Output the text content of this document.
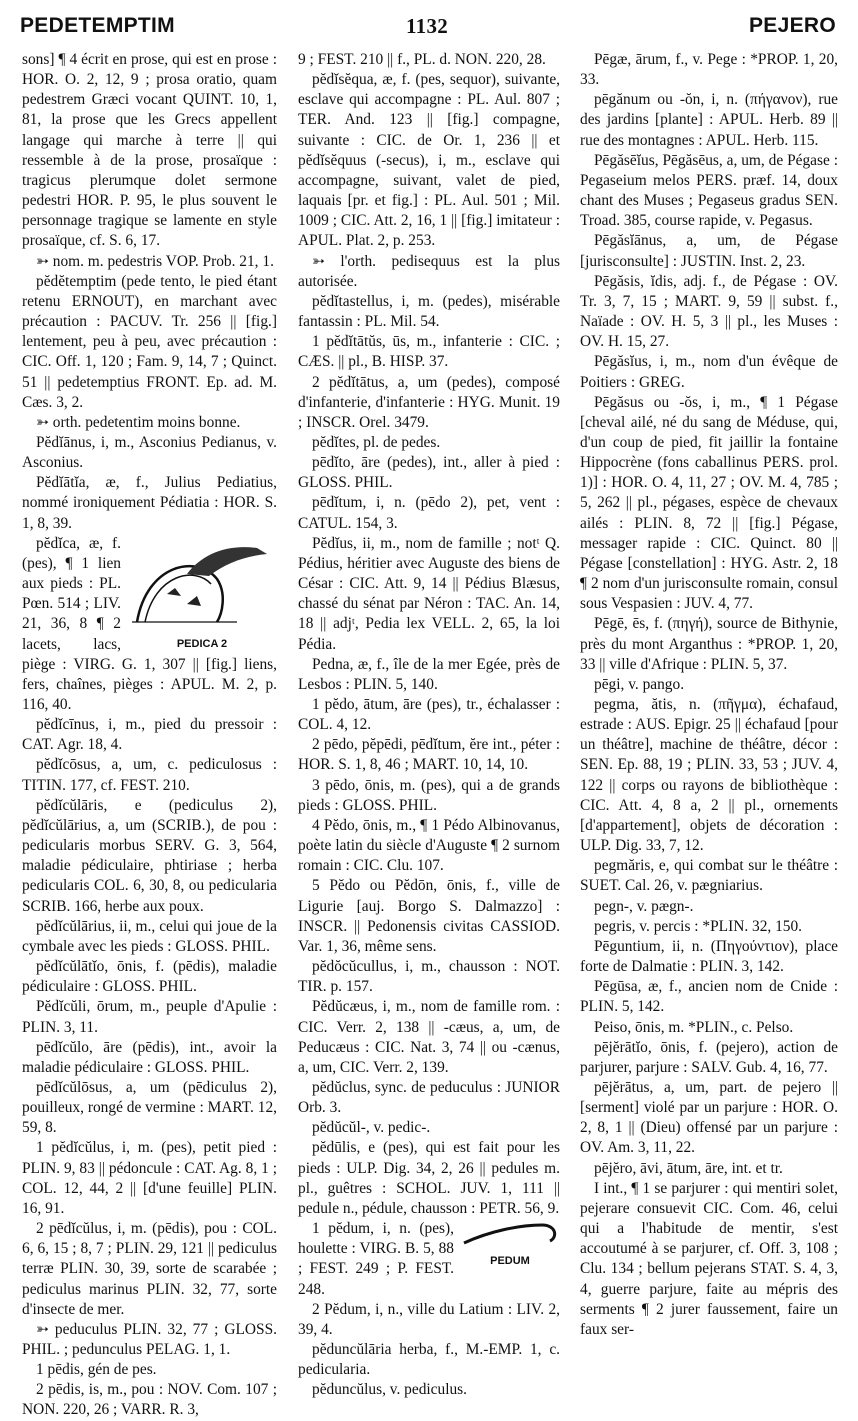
PEDETEMPTIM	1132	PEJERO

sons] ¶ 4 écrit en prose, qui est en prose : HOR. O. 2, 12, 9 ; prosa oratio, quam pedestrem Græci vocant QUINT. 10, 1, 81, la prose que les Grecs appellent langage qui marche à terre || qui ressemble à de la prose, prosaïque : tragicus plerumque dolet sermone pedestri HOR. P. 95, le plus souvent le personnage tragique se lamente en style prosaïque, cf. S. 6, 17.

➳ nom. m. pedestris VOP. Prob. 21, 1.

pĕdĕtemptim (pede tento, le pied étant retenu ERNOUT), en marchant avec précaution : PACUV. Tr. 256 || [fig.] lentement, peu à peu, avec précaution : CIC. Off. 1, 120 ; Fam. 9, 14, 7 ; Quinct. 51 || pedetemptius FRONT. Ep. ad. M. Cæs. 3, 2.

➳ orth. pedetentim moins bonne.

Pĕdĭānus, i, m., Asconius Pedianus, v. Asconius.

Pĕdĭātĭa, æ, f., Julius Pediatius, nommé ironiquement Pédiatia : HOR. S. 1, 8, 39.

PEDICA 2

pĕdĭca, æ, f. (pes), ¶ 1 lien aux pieds : PL. Pœn. 514 ; LIV. 21, 36, 8 ¶ 2 lacets, lacs, piège : VIRG. G. 1, 307 || [fig.] liens, fers, chaînes, pièges : APUL. M. 2, p. 116, 40.

pĕdĭcīnus, i, m., pied du pressoir : CAT. Agr. 18, 4.

pĕdĭcōsus, a, um, c. pediculosus : TITIN. 177, cf. FEST. 210.

pĕdĭcŭlāris, e (pediculus 2), pĕdĭcŭlārius, a, um (SCRIB.), de pou : pedicularis morbus SERV. G. 3, 564, maladie pédiculaire, phtiriase ; herba pedicularis COL. 6, 30, 8, ou pedicularia SCRIB. 166, herbe aux poux.

pĕdĭcŭlārius, ii, m., celui qui joue de la cymbale avec les pieds : GLOSS. PHIL.

pĕdĭcŭlātĭo, ōnis, f. (pēdis), maladie pédiculaire : GLOSS. PHIL.

Pĕdĭcŭli, ōrum, m., peuple d'Apulie : PLIN. 3, 11.

pēdĭcŭlo, āre (pēdis), int., avoir la maladie pédiculaire : GLOSS. PHIL.

pēdĭcŭlōsus, a, um (pēdiculus 2), pouilleux, rongé de vermine : MART. 12, 59, 8.

1 pĕdĭcŭlus, i, m. (pes), petit pied : PLIN. 9, 83 || pédoncule : CAT. Ag. 8, 1 ; COL. 12, 44, 2 || [d'une feuille] PLIN. 16, 91.

2 pēdĭcŭlus, i, m. (pēdis), pou : COL. 6, 6, 15 ; 8, 7 ; PLIN. 29, 121 || pediculus terræ PLIN. 30, 39, sorte de scarabée ; pediculus marinus PLIN. 32, 77, sorte d'insecte de mer.

➳ peduculus PLIN. 32, 77 ; GLOSS. PHIL. ; pedunculus PELAG. 1, 1.

1 pēdis, gén de pes.

2 pēdis, is, m., pou : NOV. Com. 107 ; NON. 220, 26 ; VARR. R. 3,

9 ; FEST. 210 || f., PL. d. NON. 220, 28.

pĕdĭsĕqua, æ, f. (pes, sequor), suivante, esclave qui accompagne : PL. Aul. 807 ; TER. And. 123 || [fig.] compagne, suivante : CIC. de Or. 1, 236 || et pĕdĭsĕquus (-secus), i, m., esclave qui accompagne, suivant, valet de pied, laquais [pr. et fig.] : PL. Aul. 501 ; Mil. 1009 ; CIC. Att. 2, 16, 1 || [fig.] imitateur : APUL. Plat. 2, p. 253.

➳ l'orth. pedisequus est la plus autorisée.

pĕdĭtastellus, i, m. (pedes), misérable fantassin : PL. Mil. 54.

1 pĕdĭtātŭs, ūs, m., infanterie : CIC. ; CÆS. || pl., B. HISP. 37.

2 pĕdĭtātus, a, um (pedes), composé d'infanterie, d'infanterie : HYG. Munit. 19 ; INSCR. Orel. 3479.

pĕdĭtes, pl. de pedes.

pēdĭto, āre (pedes), int., aller à pied : GLOSS. PHIL.

pēdĭtum, i, n. (pēdo 2), pet, vent : CATUL. 154, 3.

Pĕdĭus, ii, m., nom de famille ; notᵗ Q. Pédius, héritier avec Auguste des biens de César : CIC. Att. 9, 14 || Pédius Blæsus, chassé du sénat par Néron : TAC. An. 14, 18 || adjᵗ, Pedia lex VELL. 2, 65, la loi Pédia.

Pedna, æ, f., île de la mer Egée, près de Lesbos : PLIN. 5, 140.

1 pĕdo, ātum, āre (pes), tr., échalasser : COL. 4, 12.

2 pēdo, pĕpēdi, pēdĭtum, ĕre int., péter : HOR. S. 1, 8, 46 ; MART. 10, 14, 10.

3 pēdo, ōnis, m. (pes), qui a de grands pieds : GLOSS. PHIL.

4 Pĕdo, ōnis, m., ¶ 1 Pédo Albinovanus, poète latin du siècle d'Auguste ¶ 2 surnom romain : CIC. Clu. 107.

5 Pĕdo ou Pĕdōn, ōnis, f., ville de Ligurie [auj. Borgo S. Dalmazzo] : INSCR. || Pedonensis civitas CASSIOD. Var. 1, 36, même sens.

pĕdŏcŭcullus, i, m., chausson : NOT. TIR. p. 157.

Pĕdŭcæus, i, m., nom de famille rom. : CIC. Verr. 2, 138 || -cæus, a, um, de Peducæus : CIC. Nat. 3, 74 || ou -cænus, a, um, CIC. Verr. 2, 139.

pĕdŭclus, sync. de peduculus : JUNIOR Orb. 3.

pĕdŭcŭl-, v. pedic-.

pĕdūlis, e (pes), qui est fait pour les pieds : ULP. Dig. 34, 2, 26 || pedules m. pl., guêtres : SCHOL. JUV. 1, 111 || pedule n., pédule, chausson : PETR. 56, 9.

PEDUM

1 pĕdum, i, n. (pes), houlette : VIRG. B. 5, 88 ; FEST. 249 ; P. FEST. 248.

2 Pĕdum, i, n., ville du Latium : LIV. 2, 39, 4.

pĕduncŭlāria herba, f., M.-EMP. 1, c. pedicularia.

pĕduncŭlus, v. pediculus.

Pēgæ, ārum, f., v. Pege : *PROP. 1, 20, 33.

pēgănum ou -ŏn, i, n. (πήγανον), rue des jardins [plante] : APUL. Herb. 89 || rue des montagnes : APUL. Herb. 115.

Pēgăsēĭus, Pēgăsēus, a, um, de Pégase : Pegaseium melos PERS. præf. 14, doux chant des Muses ; Pegaseus gradus SEN. Troad. 385, course rapide, v. Pegasus.

Pēgăsĭānus, a, um, de Pégase [jurisconsulte] : JUSTIN. Inst. 2, 23.

Pēgăsis, ĭdis, adj. f., de Pégase : OV. Tr. 3, 7, 15 ; MART. 9, 59 || subst. f., Naïade : OV. H. 5, 3 || pl., les Muses : OV. H. 15, 27.

Pēgăsĭus, i, m., nom d'un évêque de Poitiers : GREG.

Pēgăsus ou -ŏs, i, m., ¶ 1 Pégase [cheval ailé, né du sang de Méduse, qui, d'un coup de pied, fit jaillir la fontaine Hippocrène (fons caballinus PERS. prol. 1)] : HOR. O. 4, 11, 27 ; OV. M. 4, 785 ; 5, 262 || pl., pégases, espèce de chevaux ailés : PLIN. 8, 72 || [fig.] Pégase, messager rapide : CIC. Quinct. 80 || Pégase [constellation] : HYG. Astr. 2, 18 ¶ 2 nom d'un jurisconsulte romain, consul sous Vespasien : JUV. 4, 77.

Pēgē, ēs, f. (πηγή), source de Bithynie, près du mont Arganthus : *PROP. 1, 20, 33 || ville d'Afrique : PLIN. 5, 37.

pēgi, v. pango.

pegma, ătis, n. (πῆγμα), échafaud, estrade : AUS. Epigr. 25 || échafaud [pour un théâtre], machine de théâtre, décor : SEN. Ep. 88, 19 ; PLIN. 33, 53 ; JUV. 4, 122 || corps ou rayons de bibliothèque : CIC. Att. 4, 8 a, 2 || pl., ornements [d'appartement], objets de décoration : ULP. Dig. 33, 7, 12.

pegmăris, e, qui combat sur le théâtre : SUET. Cal. 26, v. pægniarius.

pegn-, v. pægn-.

pegris, v. percis : *PLIN. 32, 150.

Pēguntium, ii, n. (Πηγούντιον), place forte de Dalmatie : PLIN. 3, 142.

Pēgūsa, æ, f., ancien nom de Cnide : PLIN. 5, 142.

Peiso, ōnis, m. *PLIN., c. Pelso.

pējĕrātĭo, ōnis, f. (pejero), action de parjurer, parjure : SALV. Gub. 4, 16, 77.

pējĕrātus, a, um, part. de pejero || [serment] violé par un parjure : HOR. O. 2, 8, 1 || (Dieu) offensé par un parjure : OV. Am. 3, 11, 22.

pējĕro, āvi, ātum, āre, int. et tr.

I int., ¶ 1 se parjurer : qui mentiri solet, pejerare consuevit CIC. Com. 46, celui qui a l'habitude de mentir, s'est accoutumé à se parjurer, cf. Off. 3, 108 ; Clu. 134 ; bellum pejerans STAT. S. 4, 3, 4, guerre parjure, faite au mépris des serments ¶ 2 jurer faussement, faire un faux ser-
